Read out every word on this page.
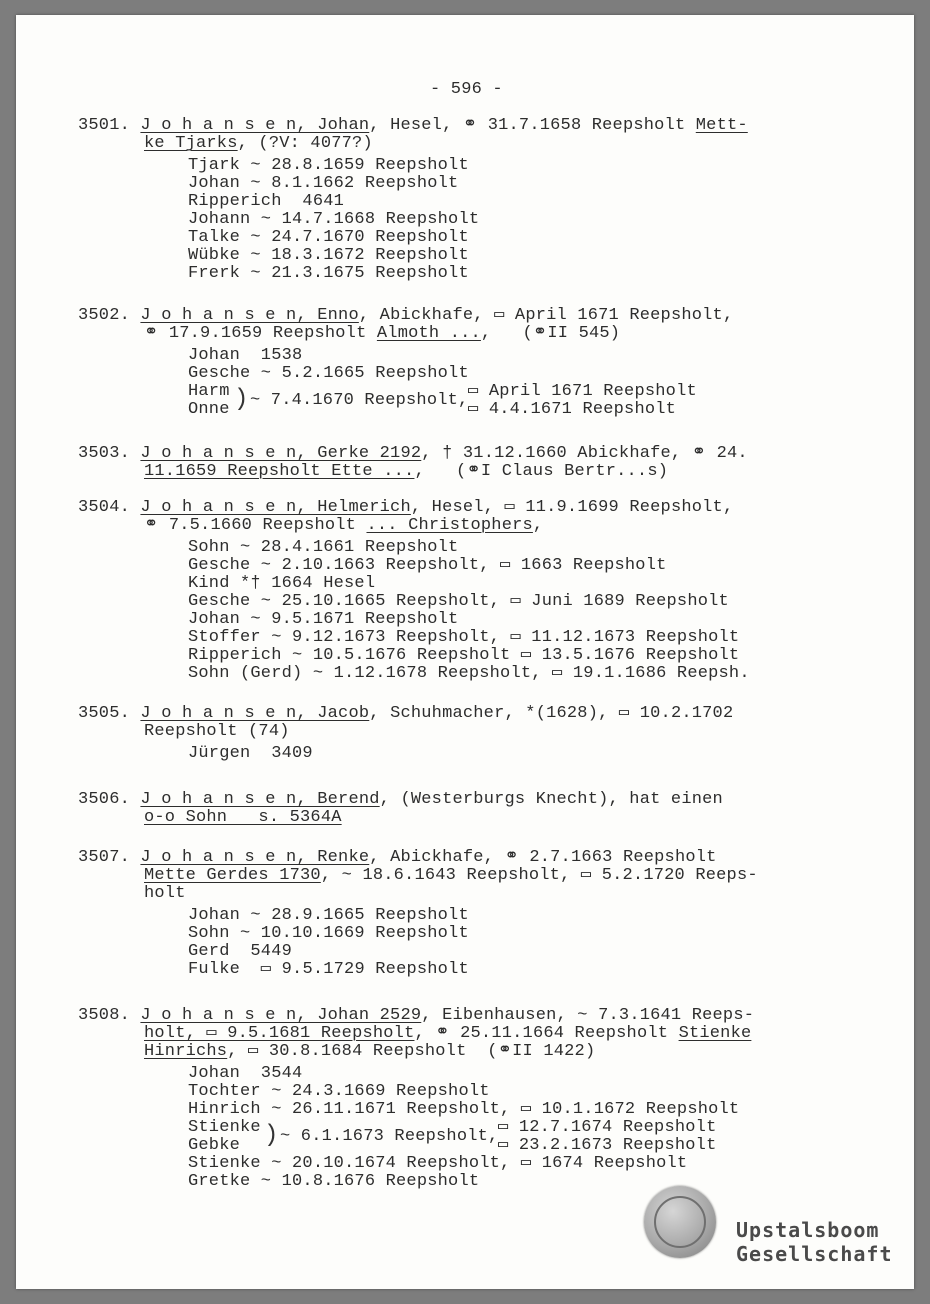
- 596 -
3501. J o h a n s e n, Johan, Hesel, ⚭ 31.7.1658 Reepsholt Mett-
ke Tjarks, (?V: 4077?)
Tjark ~ 28.8.1659 Reepsholt
Johan ~ 8.1.1662 Reepsholt
Ripperich  4641
Johann ~ 14.7.1668 Reepsholt
Talke ~ 24.7.1670 Reepsholt
Wübke ~ 18.3.1672 Reepsholt
Frerk ~ 21.3.1675 Reepsholt
3502. J o h a n s e n, Enno, Abickhafe, ▭ April 1671 Reepsholt,
⚭ 17.9.1659 Reepsholt Almoth ...,   (⚭II 545)
Johan  1538
Gesche ~ 5.2.1665 Reepsholt
Harm
Onne ) ~ 7.4.1670 Reepsholt, ▭ April 1671 Reepsholt
▭ 4.4.1671 Reepsholt
3503. J o h a n s e n, Gerke 2192, † 31.12.1660 Abickhafe, ⚭ 24.
11.1659 Reepsholt Ette ...,   (⚭I Claus Bertr...s)
3504. J o h a n s e n, Helmerich, Hesel, ▭ 11.9.1699 Reepsholt,
⚭ 7.5.1660 Reepsholt ... Christophers,
Sohn ~ 28.4.1661 Reepsholt
Gesche ~ 2.10.1663 Reepsholt, ▭ 1663 Reepsholt
Kind *† 1664 Hesel
Gesche ~ 25.10.1665 Reepsholt, ▭ Juni 1689 Reepsholt
Johan ~ 9.5.1671 Reepsholt
Stoffer ~ 9.12.1673 Reepsholt, ▭ 11.12.1673 Reepsholt
Ripperich ~ 10.5.1676 Reepsholt ▭ 13.5.1676 Reepsholt
Sohn (Gerd) ~ 1.12.1678 Reepsholt, ▭ 19.1.1686 Reepsh.
3505. J o h a n s e n, Jacob, Schuhmacher, *(1628), ▭ 10.2.1702
Reepsholt (74)
Jürgen  3409
3506. J o h a n s e n, Berend, (Westerburgs Knecht), hat einen
o-o Sohn   s. 5364A
3507. J o h a n s e n, Renke, Abickhafe, ⚭ 2.7.1663 Reepsholt
Mette Gerdes 1730, ~ 18.6.1643 Reepsholt, ▭ 5.2.1720 Reeps-
holt
Johan ~ 28.9.1665 Reepsholt
Sohn ~ 10.10.1669 Reepsholt
Gerd  5449
Fulke  ▭ 9.5.1729 Reepsholt
3508. J o h a n s e n, Johan 2529, Eibenhausen, ~ 7.3.1641 Reeps-
holt, ▭ 9.5.1681 Reepsholt, ⚭ 25.11.1664 Reepsholt Stienke
Hinrichs, ▭ 30.8.1684 Reepsholt  (⚭II 1422)
Johan  3544
Tochter ~ 24.3.1669 Reepsholt
Hinrich ~ 26.11.1671 Reepsholt, ▭ 10.1.1672 Reepsholt
Stienke
Gebke ) ~ 6.1.1673 Reepsholt, ▭ 12.7.1674 Reepsholt
▭ 23.2.1673 Reepsholt
Stienke ~ 20.10.1674 Reepsholt, ▭ 1674 Reepsholt
Gretke ~ 10.8.1676 Reepsholt
Upstalsboom
Gesellschaft
